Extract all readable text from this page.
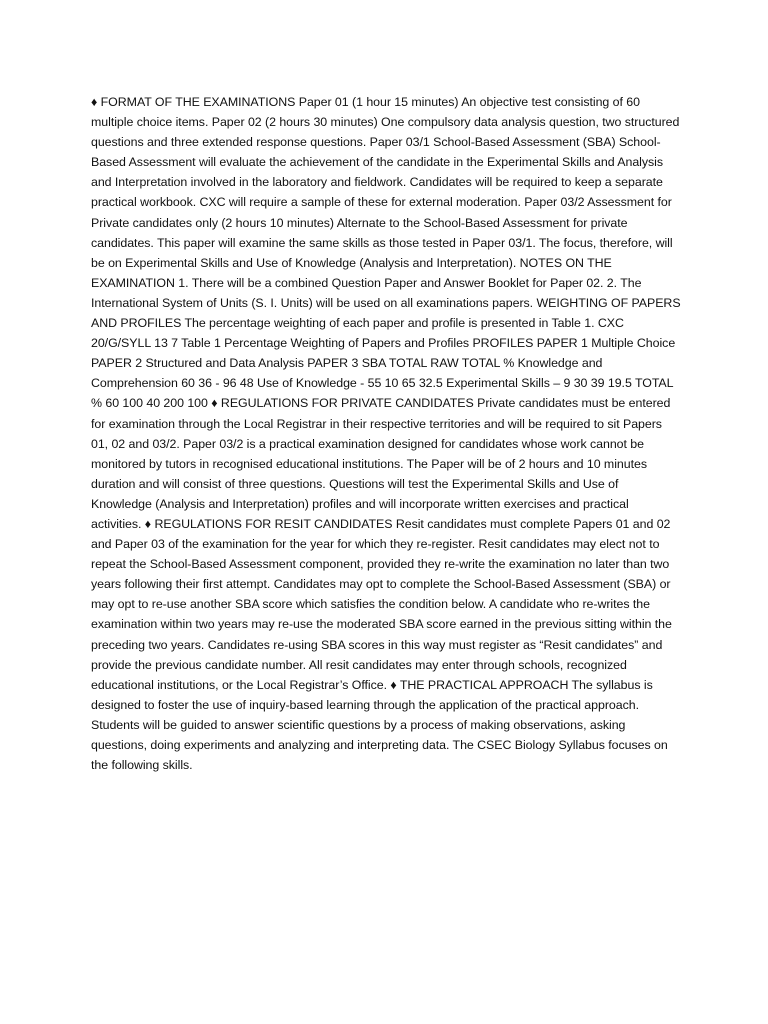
♦ FORMAT OF THE EXAMINATIONS Paper 01 (1 hour 15 minutes) An objective test consisting of 60 multiple choice items. Paper 02 (2 hours 30 minutes) One compulsory data analysis question, two structured questions and three extended response questions. Paper 03/1 School-Based Assessment (SBA) School-Based Assessment will evaluate the achievement of the candidate in the Experimental Skills and Analysis and Interpretation involved in the laboratory and fieldwork. Candidates will be required to keep a separate practical workbook. CXC will require a sample of these for external moderation. Paper 03/2 Assessment for Private candidates only (2 hours 10 minutes) Alternate to the School-Based Assessment for private candidates. This paper will examine the same skills as those tested in Paper 03/1. The focus, therefore, will be on Experimental Skills and Use of Knowledge (Analysis and Interpretation). NOTES ON THE EXAMINATION 1. There will be a combined Question Paper and Answer Booklet for Paper 02. 2. The International System of Units (S. I. Units) will be used on all examinations papers. WEIGHTING OF PAPERS AND PROFILES The percentage weighting of each paper and profile is presented in Table 1. CXC 20/G/SYLL 13 7 Table 1 Percentage Weighting of Papers and Profiles PROFILES PAPER 1 Multiple Choice PAPER 2 Structured and Data Analysis PAPER 3 SBA TOTAL RAW TOTAL % Knowledge and Comprehension 60 36 - 96 48 Use of Knowledge - 55 10 65 32.5 Experimental Skills – 9 30 39 19.5 TOTAL % 60 100 40 200 100 ♦ REGULATIONS FOR PRIVATE CANDIDATES Private candidates must be entered for examination through the Local Registrar in their respective territories and will be required to sit Papers 01, 02 and 03/2. Paper 03/2 is a practical examination designed for candidates whose work cannot be monitored by tutors in recognised educational institutions. The Paper will be of 2 hours and 10 minutes duration and will consist of three questions. Questions will test the Experimental Skills and Use of Knowledge (Analysis and Interpretation) profiles and will incorporate written exercises and practical activities. ♦ REGULATIONS FOR RESIT CANDIDATES Resit candidates must complete Papers 01 and 02 and Paper 03 of the examination for the year for which they re-register. Resit candidates may elect not to repeat the School-Based Assessment component, provided they re-write the examination no later than two years following their first attempt. Candidates may opt to complete the School-Based Assessment (SBA) or may opt to re-use another SBA score which satisfies the condition below. A candidate who re-writes the examination within two years may re-use the moderated SBA score earned in the previous sitting within the preceding two years. Candidates re-using SBA scores in this way must register as “Resit candidates” and provide the previous candidate number. All resit candidates may enter through schools, recognized educational institutions, or the Local Registrar’s Office. ♦ THE PRACTICAL APPROACH The syllabus is designed to foster the use of inquiry-based learning through the application of the practical approach. Students will be guided to answer scientific questions by a process of making observations, asking questions, doing experiments and analyzing and interpreting data. The CSEC Biology Syllabus focuses on the following skills.
